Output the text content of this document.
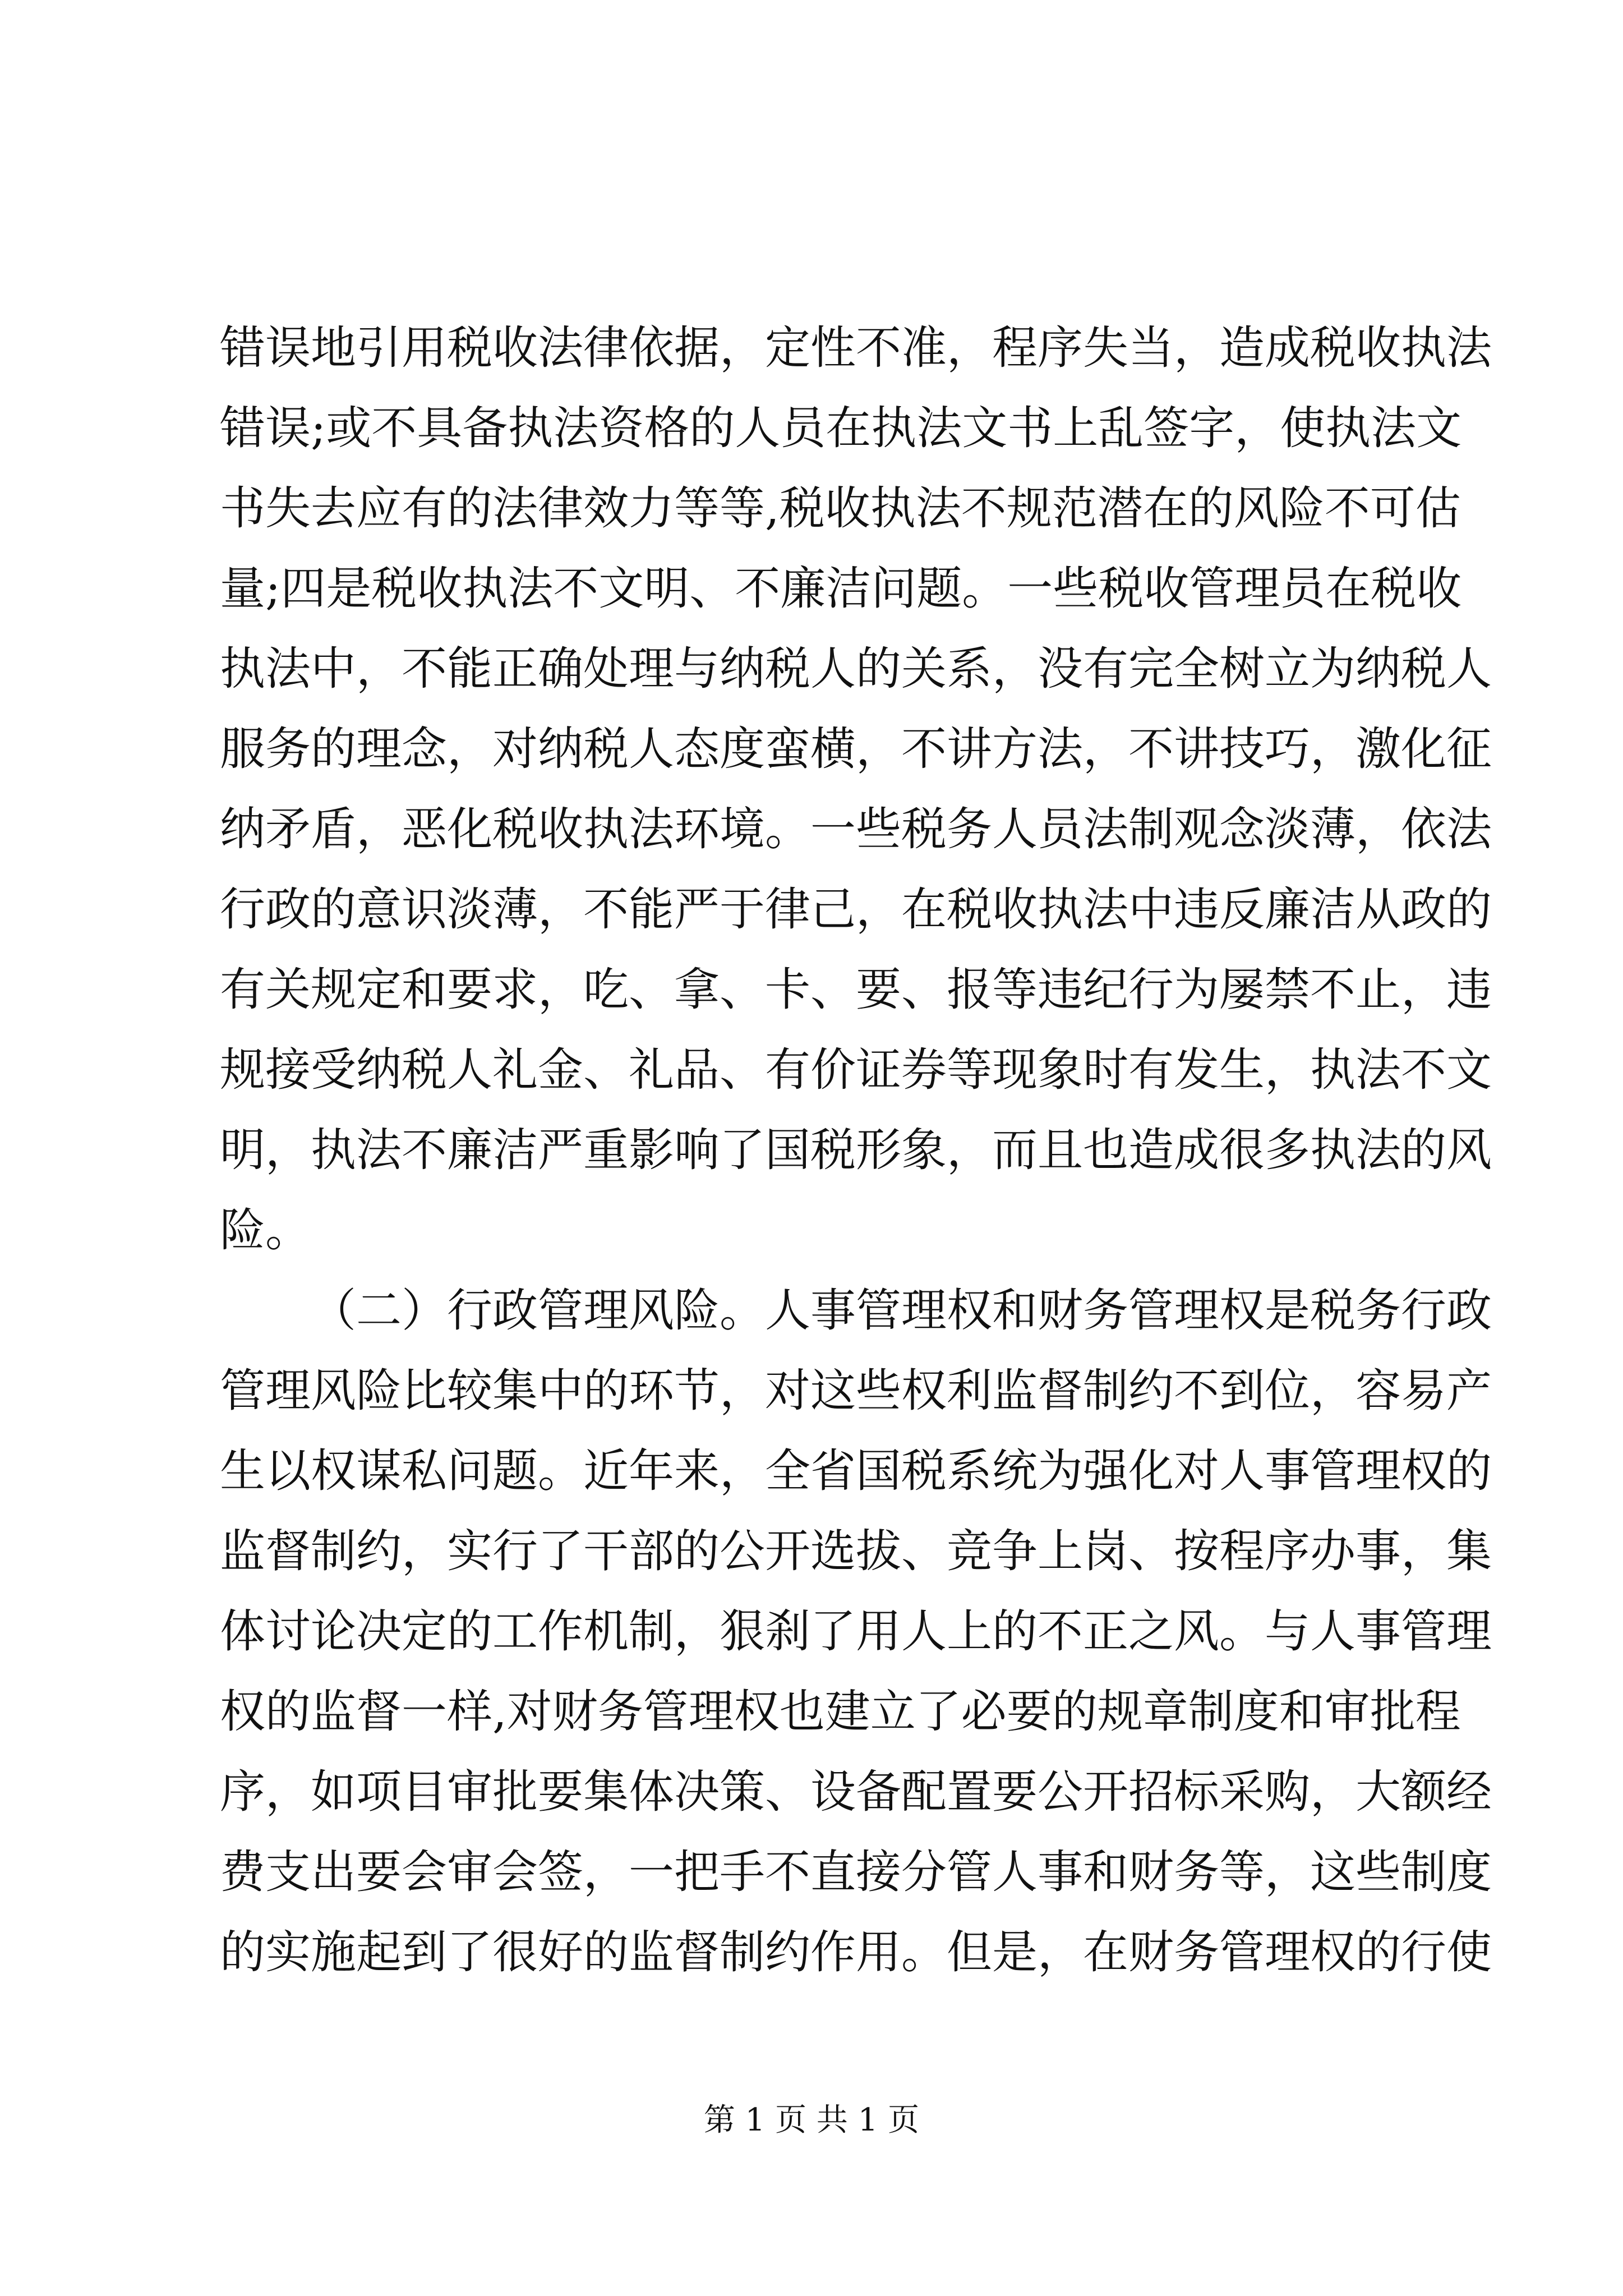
错误地引用税收法律依据，定性不准，程序失当，造成税收执法
错误;或不具备执法资格的人员在执法文书上乱签字，使执法文
书失去应有的法律效力等等,税收执法不规范潜在的风险不可估
量;四是税收执法不文明、不廉洁问题。一些税收管理员在税收
执法中，不能正确处理与纳税人的关系，没有完全树立为纳税人
服务的理念，对纳税人态度蛮横，不讲方法，不讲技巧，激化征
纳矛盾，恶化税收执法环境。一些税务人员法制观念淡薄，依法
行政的意识淡薄，不能严于律己，在税收执法中违反廉洁从政的
有关规定和要求，吃、拿、卡、要、报等违纪行为屡禁不止，违
规接受纳税人礼金、礼品、有价证券等现象时有发生，执法不文
明，执法不廉洁严重影响了国税形象，而且也造成很多执法的风
险。
（二）行政管理风险。人事管理权和财务管理权是税务行政
管理风险比较集中的环节，对这些权利监督制约不到位，容易产
生以权谋私问题。近年来，全省国税系统为强化对人事管理权的
监督制约，实行了干部的公开选拔、竞争上岗、按程序办事，集
体讨论决定的工作机制，狠刹了用人上的不正之风。与人事管理
权的监督一样,对财务管理权也建立了必要的规章制度和审批程
序，如项目审批要集体决策、设备配置要公开招标采购，大额经
费支出要会审会签，一把手不直接分管人事和财务等，这些制度
的实施起到了很好的监督制约作用。但是，在财务管理权的行使
第 1 页 共 1 页
